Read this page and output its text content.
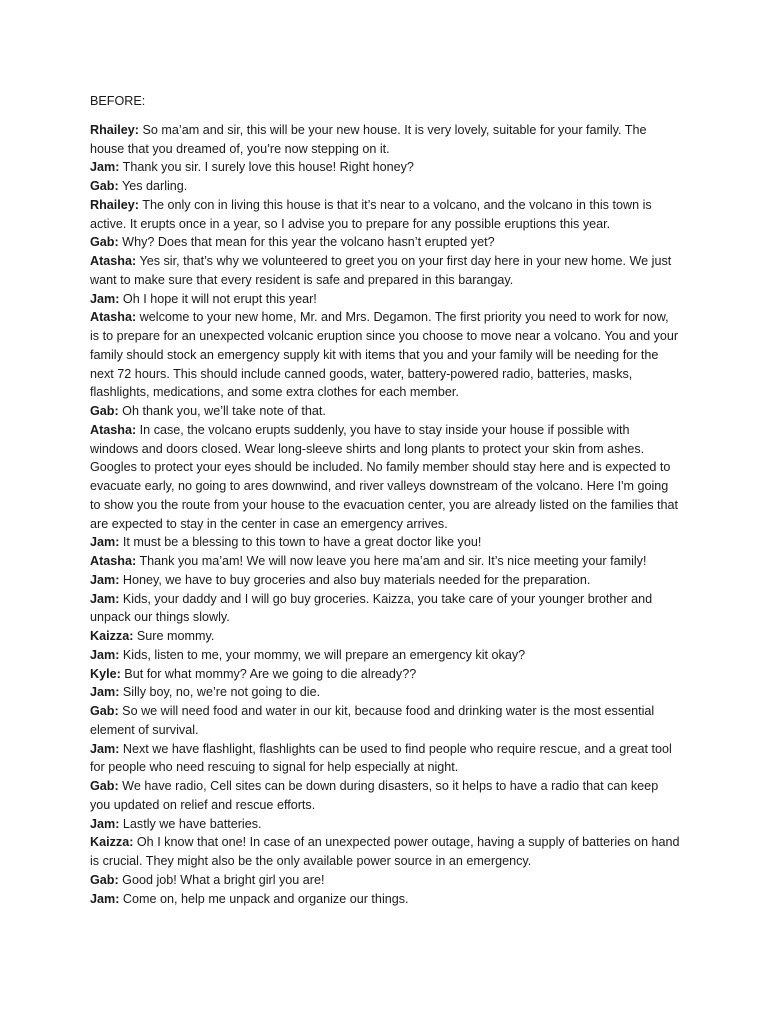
BEFORE:

Rhailey: So ma’am and sir, this will be your new house. It is very lovely, suitable for your family. The house that you dreamed of, you’re now stepping on it.

Jam: Thank you sir. I surely love this house! Right honey?

Gab: Yes darling.

Rhailey: The only con in living this house is that it’s near to a volcano, and the volcano in this town is active. It erupts once in a year, so I advise you to prepare for any possible eruptions this year.

Gab: Why? Does that mean for this year the volcano hasn’t erupted yet?

Atasha: Yes sir, that’s why we volunteered to greet you on your first day here in your new home. We just want to make sure that every resident is safe and prepared in this barangay.

Jam: Oh I hope it will not erupt this year!

Atasha: welcome to your new home, Mr. and Mrs. Degamon. The first priority you need to work for now, is to prepare for an unexpected volcanic eruption since you choose to move near a volcano. You and your family should stock an emergency supply kit with items that you and your family will be needing for the next 72 hours. This should include canned goods, water, battery-powered radio, batteries, masks, flashlights, medications, and some extra clothes for each member.

Gab: Oh thank you, we’ll take note of that.

Atasha: In case, the volcano erupts suddenly, you have to stay inside your house if possible with windows and doors closed. Wear long-sleeve shirts and long plants to protect your skin from ashes. Googles to protect your eyes should be included. No family member should stay here and is expected to evacuate early, no going to ares downwind, and river valleys downstream of the volcano. Here I'm going to show you the route from your house to the evacuation center, you are already listed on the families that are expected to stay in the center in case an emergency arrives.

Jam: It must be a blessing to this town to have a great doctor like you!

Atasha: Thank you ma’am! We will now leave you here ma’am and sir. It’s nice meeting your family!

Jam: Honey, we have to buy groceries and also buy materials needed for the preparation.

Jam: Kids, your daddy and I will go buy groceries. Kaizza, you take care of your younger brother and unpack our things slowly.

Kaizza: Sure mommy.

Jam: Kids, listen to me, your mommy, we will prepare an emergency kit okay?

Kyle: But for what mommy? Are we going to die already??

Jam: Silly boy, no, we’re not going to die.

Gab: So we will need food and water in our kit, because food and drinking water is the most essential element of survival.

Jam: Next we have flashlight, flashlights can be used to find people who require rescue, and a great tool for people who need rescuing to signal for help especially at night.

Gab: We have radio, Cell sites can be down during disasters, so it helps to have a radio that can keep you updated on relief and rescue efforts.

Jam: Lastly we have batteries.

Kaizza: Oh I know that one! In case of an unexpected power outage, having a supply of batteries on hand is crucial. They might also be the only available power source in an emergency.

Gab: Good job! What a bright girl you are!

Jam: Come on, help me unpack and organize our things.
